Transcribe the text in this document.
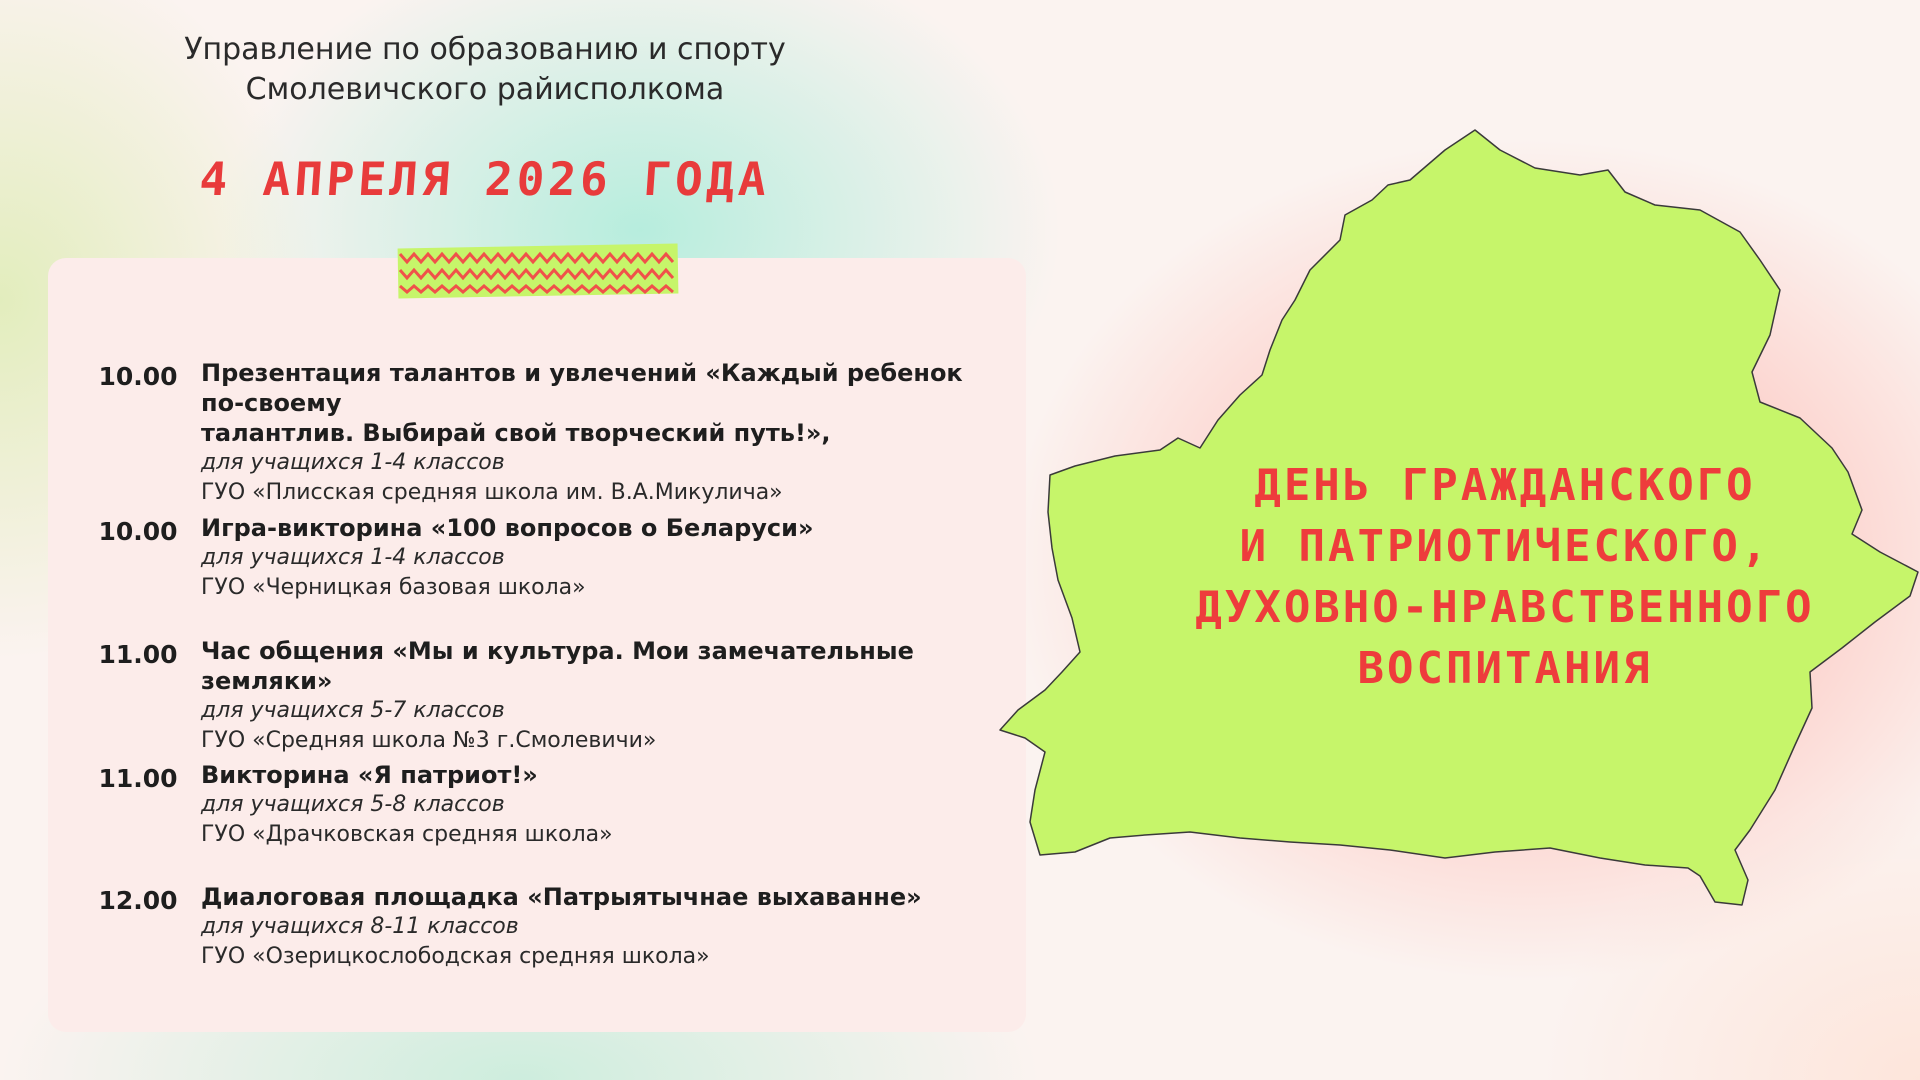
Управление по образованию и спорту
Смолевичского райисполкома
4 АПРЕЛЯ 2026 ГОДА
10.00 Презентация талантов и увлечений «Каждый ребенок по-своему
талантлив. Выбирай свой творческий путь!»,
для учащихся 1-4 классов
ГУО «Плисская средняя школа им. В.А.Микулича»
10.00 Игра-викторина «100 вопросов о Беларуси»
для учащихся 1-4 классов
ГУО «Черницкая базовая школа»
11.00 Час общения «Мы и культура. Мои замечательные земляки»
для учащихся 5-7 классов
ГУО «Средняя школа №3 г.Смолевичи»
11.00 Викторина «Я патриот!»
для учащихся 5-8 классов
ГУО «Драчковская средняя школа»
12.00 Диалоговая площадка «Патрыятычнае выхаванне»
для учащихся 8-11 классов
ГУО «Озерицкослободская средняя школа»
ДЕНЬ ГРАЖДАНСКОГО
И ПАТРИОТИЧЕСКОГО,
ДУХОВНО-НРАВСТВЕННОГО
ВОСПИТАНИЯ
